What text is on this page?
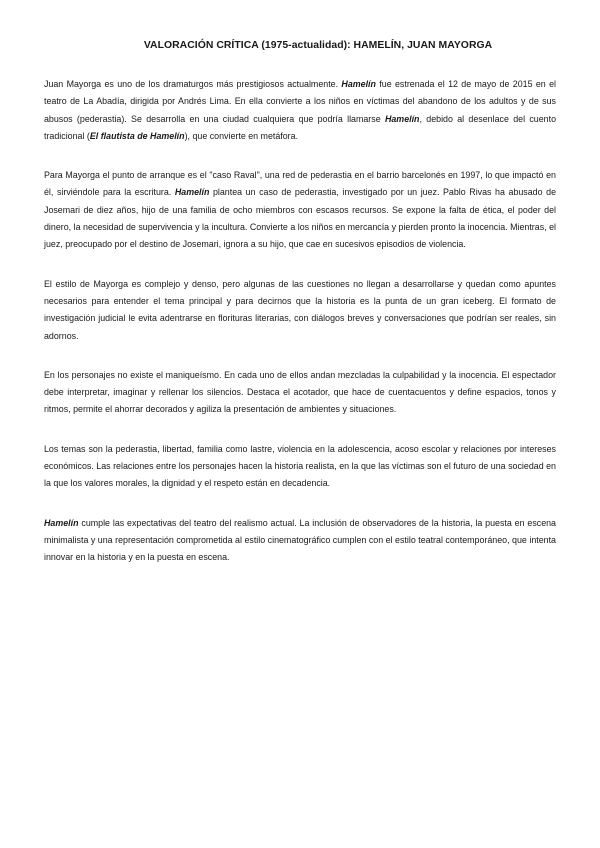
VALORACIÓN CRÍTICA (1975-actualidad): HAMELÍN, JUAN MAYORGA

Juan Mayorga es uno de los dramaturgos más prestigiosos actualmente. Hamelín fue estrenada el 12 de mayo de 2015 en el teatro de La Abadía, dirigida por Andrés Lima. En ella convierte a los niños en víctimas del abandono de los adultos y de sus abusos (pederastia). Se desarrolla en una ciudad cualquiera que podría llamarse Hamelín, debido al desenlace del cuento tradicional (El flautista de Hamelín), que convierte en metáfora.

Para Mayorga el punto de arranque es el "caso Raval", una red de pederastia en el barrio barcelonés en 1997, lo que impactó en él, sirviéndole para la escritura. Hamelín plantea un caso de pederastia, investigado por un juez. Pablo Rivas ha abusado de Josemari de diez años, hijo de una familia de ocho miembros con escasos recursos. Se expone la falta de ética, el poder del dinero, la necesidad de supervivencia y la incultura. Convierte a los niños en mercancía y pierden pronto la inocencia. Mientras, el juez, preocupado por el destino de Josemari, ignora a su hijo, que cae en sucesivos episodios de violencia.

El estilo de Mayorga es complejo y denso, pero algunas de las cuestiones no llegan a desarrollarse y quedan como apuntes necesarios para entender el tema principal y para decirnos que la historia es la punta de un gran iceberg. El formato de investigación judicial le evita adentrarse en florituras literarias, con diálogos breves y conversaciones que podrían ser reales, sin adornos.

En los personajes no existe el maniqueísmo. En cada uno de ellos andan mezcladas la culpabilidad y la inocencia. El espectador debe interpretar, imaginar y rellenar los silencios. Destaca el acotador, que hace de cuentacuentos y define espacios, tonos y ritmos, permite el ahorrar decorados y agiliza la presentación de ambientes y situaciones.

Los temas son la pederastia, libertad, familia como lastre, violencia en la adolescencia, acoso escolar y relaciones por intereses económicos. Las relaciones entre los personajes hacen la historia realista, en la que las víctimas son el futuro de una sociedad en la que los valores morales, la dignidad y el respeto están en decadencia.

Hamelín cumple las expectativas del teatro del realismo actual. La inclusión de observadores de la historia, la puesta en escena minimalista y una representación comprometida al estilo cinematográfico cumplen con el estilo teatral contemporáneo, que intenta innovar en la historia y en la puesta en escena.
